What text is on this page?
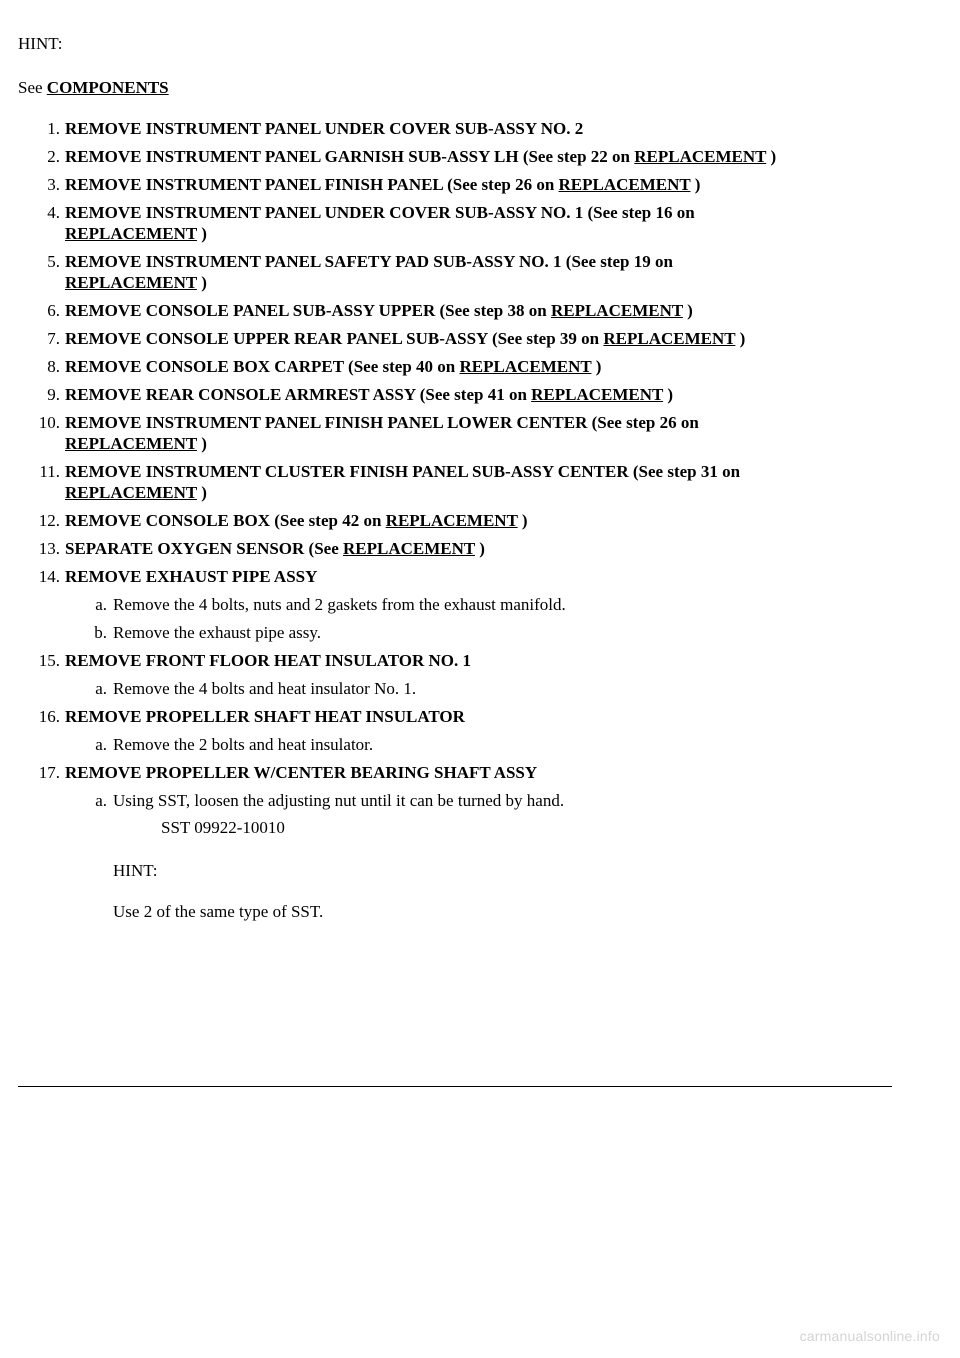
HINT:
See COMPONENTS
1. REMOVE INSTRUMENT PANEL UNDER COVER SUB-ASSY NO. 2
2. REMOVE INSTRUMENT PANEL GARNISH SUB-ASSY LH (See step 22 on REPLACEMENT )
3. REMOVE INSTRUMENT PANEL FINISH PANEL (See step 26 on REPLACEMENT )
4. REMOVE INSTRUMENT PANEL UNDER COVER SUB-ASSY NO. 1 (See step 16 on
REPLACEMENT )
5. REMOVE INSTRUMENT PANEL SAFETY PAD SUB-ASSY NO. 1 (See step 19 on
REPLACEMENT )
6. REMOVE CONSOLE PANEL SUB-ASSY UPPER (See step 38 on REPLACEMENT )
7. REMOVE CONSOLE UPPER REAR PANEL SUB-ASSY (See step 39 on REPLACEMENT )
8. REMOVE CONSOLE BOX CARPET (See step 40 on REPLACEMENT )
9. REMOVE REAR CONSOLE ARMREST ASSY (See step 41 on REPLACEMENT )
10. REMOVE INSTRUMENT PANEL FINISH PANEL LOWER CENTER (See step 26 on
REPLACEMENT )
11. REMOVE INSTRUMENT CLUSTER FINISH PANEL SUB-ASSY CENTER (See step 31 on
REPLACEMENT )
12. REMOVE CONSOLE BOX (See step 42 on REPLACEMENT )
13. SEPARATE OXYGEN SENSOR (See REPLACEMENT )
14. REMOVE EXHAUST PIPE ASSY
a. Remove the 4 bolts, nuts and 2 gaskets from the exhaust manifold.
b. Remove the exhaust pipe assy.
15. REMOVE FRONT FLOOR HEAT INSULATOR NO. 1
a. Remove the 4 bolts and heat insulator No. 1.
16. REMOVE PROPELLER SHAFT HEAT INSULATOR
a. Remove the 2 bolts and heat insulator.
17. REMOVE PROPELLER W/CENTER BEARING SHAFT ASSY
a. Using SST, loosen the adjusting nut until it can be turned by hand.
SST 09922-10010
HINT:
Use 2 of the same type of SST.
carmanualsonline.info
